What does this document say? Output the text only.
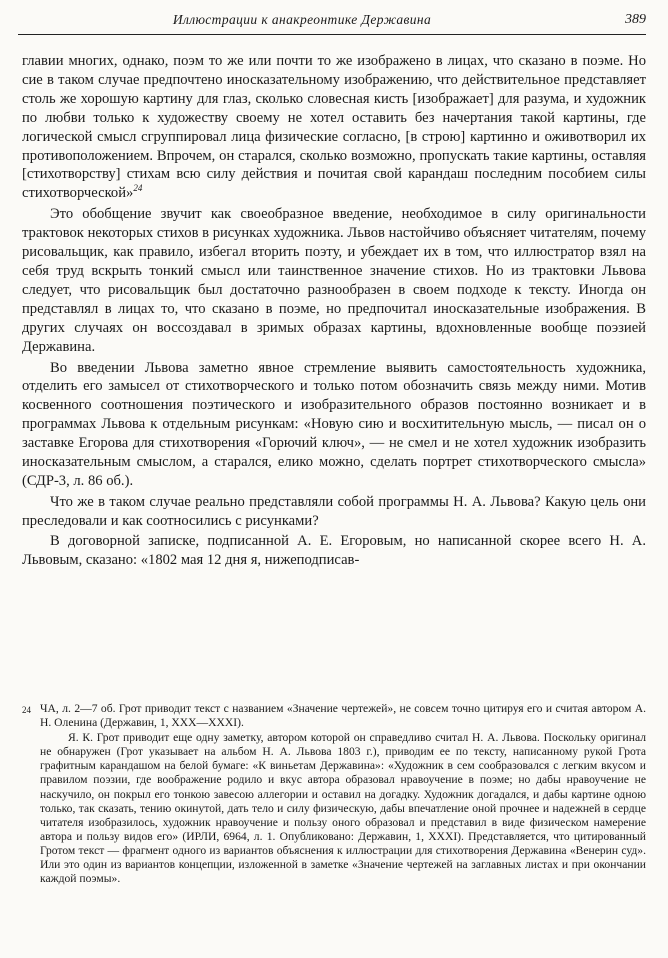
Иллюстрации к анакреонтике Державина	389

главии многих, однако, поэм то же или почти то же изображено в лицах, что сказано в поэме. Но сие в таком случае предпочтено иносказательному изображению, что действительное представляет столь же хорошую картину для глаз, сколько словесная кисть [изображает] для разума, и художник по любви только к художеству своему не хотел оставить без начертания такой картины, где логической смысл сгруппировал лица физические согласно, [в строю] картинно и оживотворил их противоположением. Впрочем, он старался, сколько возможно, пропускать такие картины, оставляя [стихотворству] стихам всю силу действия и почитая свой карандаш последним пособием силы стихотворческой»$^{24}$

Это обобщение звучит как своеобразное введение, необходимое в силу оригинальности трактовок некоторых стихов в рисунках художника. Львов настойчиво объясняет читателям, почему рисовальщик, как правило, избегал вторить поэту, и убеждает их в том, что иллюстратор взял на себя труд вскрыть тонкий смысл или таинственное значение стихов. Но из трактовки Львова следует, что рисовальщик был достаточно разнообразен в своем подходе к тексту. Иногда он представлял в лицах то, что сказано в поэме, но предпочитал иносказательные изображения. В других случаях он воссоздавал в зримых образах картины, вдохновленные вообще поэзией Державина.

Во введении Львова заметно явное стремление выявить самостоятельность художника, отделить его замысел от стихотворческого и только потом обозначить связь между ними. Мотив косвенного соотношения поэтического и изобразительного образов постоянно возникает и в программах Львова к отдельным рисункам: «Новую сию и восхитительную мысль, — писал он о заставке Егорова для стихотворения «Горючий ключ», — не смел и не хотел художник изобразить иносказательным смыслом, а старался, елико можно, сделать портрет стихотворческого смысла» (СДР-3, л. 86 об.).

Что же в таком случае реально представляли собой программы Н. А. Львова? Какую цель они преследовали и как соотносились с рисунками?

В договорной записке, подписанной А. Е. Егоровым, но написанной скорее всего Н. А. Львовым, сказано: «1802 мая 12 дня я, нижеподписав-

24 ЧА, л. 2—7 об. Грот приводит текст с названием «Значение чертежей», не совсем точно цитируя его и считая автором А. Н. Оленина (Державин, 1, XXX—XXXI).
Я. К. Грот приводит еще одну заметку, автором которой он справедливо считал Н. А. Львова. Поскольку оригинал не обнаружен (Грот указывает на альбом Н. А. Львова 1803 г.), приводим ее по тексту, написанному рукой Грота графитным карандашом на белой бумаге: «К виньетам Державина»: «Художник в сем сообразовался с легким вкусом и правилом поэзии, где воображение родило и вкус автора образовал нравоучение в поэме; но дабы нравоучение не наскучило, он покрыл его тонкою завесою аллегории и оставил на догадку. Художник догадался, и дабы картине одною только, так сказать, тению окинутой, дать тело и силу физическую, дабы впечатление оной прочнее и надежней в сердце читателя изобразилось, художник нравоучение и пользу оного образовал и представил в виде физическом намерение автора и пользу видов его» (ИРЛИ, 6964, л. 1. Опубликовано: Державин, 1, XXXI). Представляется, что цитированный Гротом текст — фрагмент одного из вариантов объяснения к иллюстрации для стихотворения Державина «Венерин суд». Или это один из вариантов концепции, изложенной в заметке «Значение чертежей на заглавных листах и при окончании каждой поэмы».
